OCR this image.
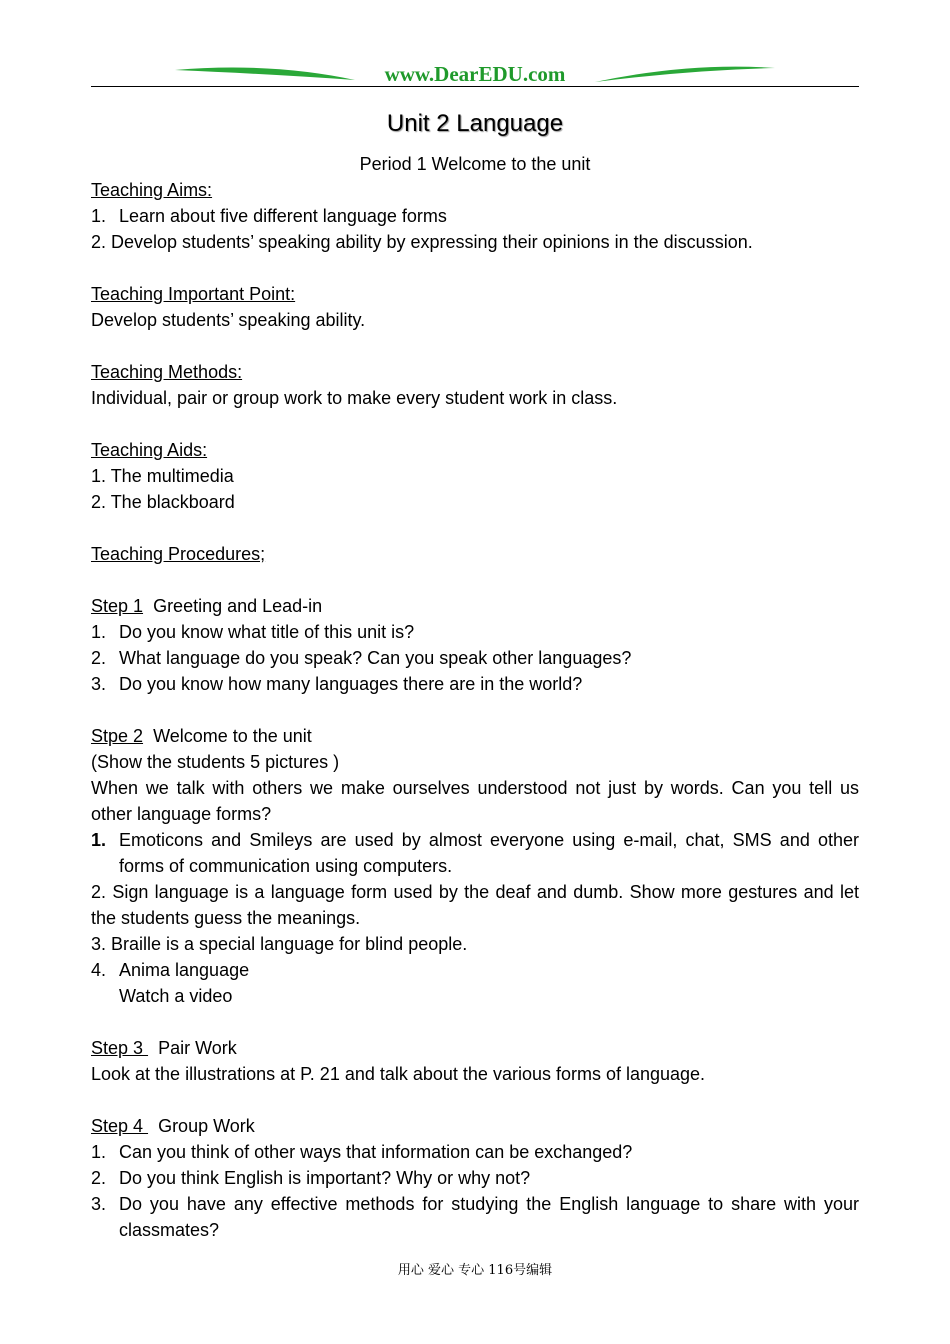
www.DearEDU.com
Unit 2 Language
Period 1 Welcome to the unit
Teaching Aims:
1. Learn about five different language forms
2. Develop students’ speaking ability by expressing their opinions in the discussion.
Teaching Important Point:
Develop students’ speaking ability.
Teaching Methods:
Individual, pair or group work to make every student work in class.
Teaching Aids:
1. The multimedia
2. The blackboard
Teaching Procedures;
Step 1 Greeting and Lead-in
1. Do you know what title of this unit is?
2. What language do you speak? Can you speak other languages?
3. Do you know how many languages there are in the world?
Stpe 2 Welcome to the unit
(Show the students 5 pictures )
When we talk with others we make ourselves understood not just by words. Can you tell us other language forms?
1. Emoticons and Smileys are used by almost everyone using e-mail, chat, SMS and other forms of communication using computers.
2. Sign language is a language form used by the deaf and dumb. Show more gestures and let the students guess the meanings.
3. Braille is a special language for blind people.
4. Anima language
Watch a video
Step 3   Pair Work
Look at the illustrations at P. 21 and talk about the various forms of language.
Step 4   Group Work
1. Can you think of other ways that information can be exchanged?
2. Do you think English is important? Why or why not?
3. Do you have any effective methods for studying the English language to share with your classmates?
用心 爱心 专心 116号编辑
